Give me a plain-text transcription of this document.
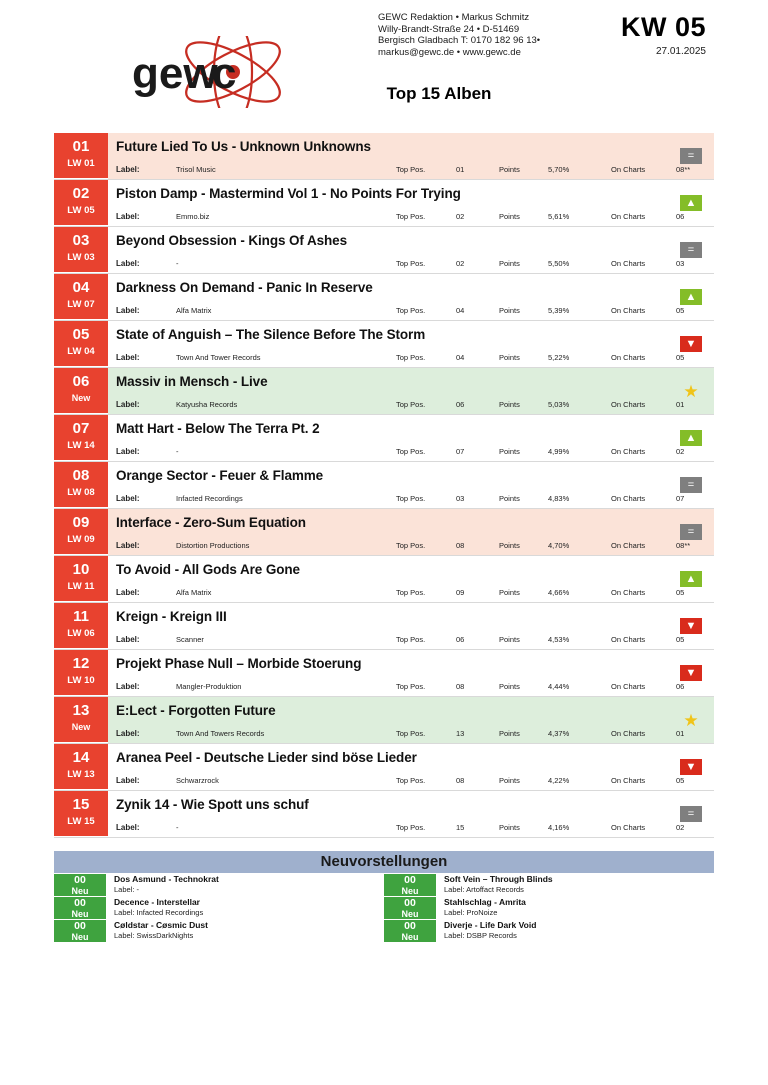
gew
c
GEWC Redaktion • Markus Schmitz
Willy-Brandt-Straße 24 • D-51469
Bergisch Gladbach T: 0170 182 96 13•
markus@gewc.de • www.gewc.de
KW 05
27.01.2025
Top 15 Alben
01
LW 01
Future Lied To Us - Unknown Unknowns
Label:	Trisol Music	Top Pos.	01	Points	5,70%	On Charts	08**
=
02
LW 05
Piston Damp - Mastermind Vol 1 - No Points For Trying
Label:	Emmo.biz	Top Pos.	02	Points	5,61%	On Charts	06
▲
03
LW 03
Beyond Obsession - Kings Of Ashes
Label:	-	Top Pos.	02	Points	5,50%	On Charts	03
=
04
LW 07
Darkness On Demand - Panic In Reserve
Label:	Alfa Matrix	Top Pos.	04	Points	5,39%	On Charts	05
▲
05
LW 04
State of Anguish – The Silence Before The Storm
Label:	Town And Tower Records	Top Pos.	04	Points	5,22%	On Charts	05
▼
06
New
Massiv in Mensch - Live
Label:	Katyusha Records	Top Pos.	06	Points	5,03%	On Charts	01
★
07
LW 14
Matt Hart - Below The Terra Pt. 2
Label:	-	Top Pos.	07	Points	4,99%	On Charts	02
▲
08
LW 08
Orange Sector - Feuer & Flamme
Label:	Infacted Recordings	Top Pos.	03	Points	4,83%	On Charts	07
=
09
LW 09
Interface - Zero-Sum Equation
Label:	Distortion Productions	Top Pos.	08	Points	4,70%	On Charts	08**
=
10
LW 11
To Avoid - All Gods Are Gone
Label:	Alfa Matrix	Top Pos.	09	Points	4,66%	On Charts	05
▲
11
LW 06
Kreign - Kreign III
Label:	Scanner	Top Pos.	06	Points	4,53%	On Charts	05
▼
12
LW 10
Projekt Phase Null – Morbide Stoerung
Label:	Mangler-Produktion	Top Pos.	08	Points	4,44%	On Charts	06
▼
13
New
E:Lect - Forgotten Future
Label:	Town And Towers Records	Top Pos.	13	Points	4,37%	On Charts	01
★
14
LW 13
Aranea Peel - Deutsche Lieder sind böse Lieder
Label:	Schwarzrock	Top Pos.	08	Points	4,22%	On Charts	05
▼
15
LW 15
Zynik 14 - Wie Spott uns schuf
Label:	-	Top Pos.	15	Points	4,16%	On Charts	02
=
Neuvorstellungen
00
Neu
Dos Asmund - Technokrat
Label: -
00
Neu
Decence - Interstellar
Label: Infacted Recordings
00
Neu
Cøldstar - Cøsmic Dust
Label: SwissDarkNights
00
Neu
Soft Vein – Through Blinds
Label: Artoffact Records
00
Neu
Stahlschlag - Amrita
Label: ProNoize
00
Neu
Diverje - Life Dark Void
Label: DSBP Records
